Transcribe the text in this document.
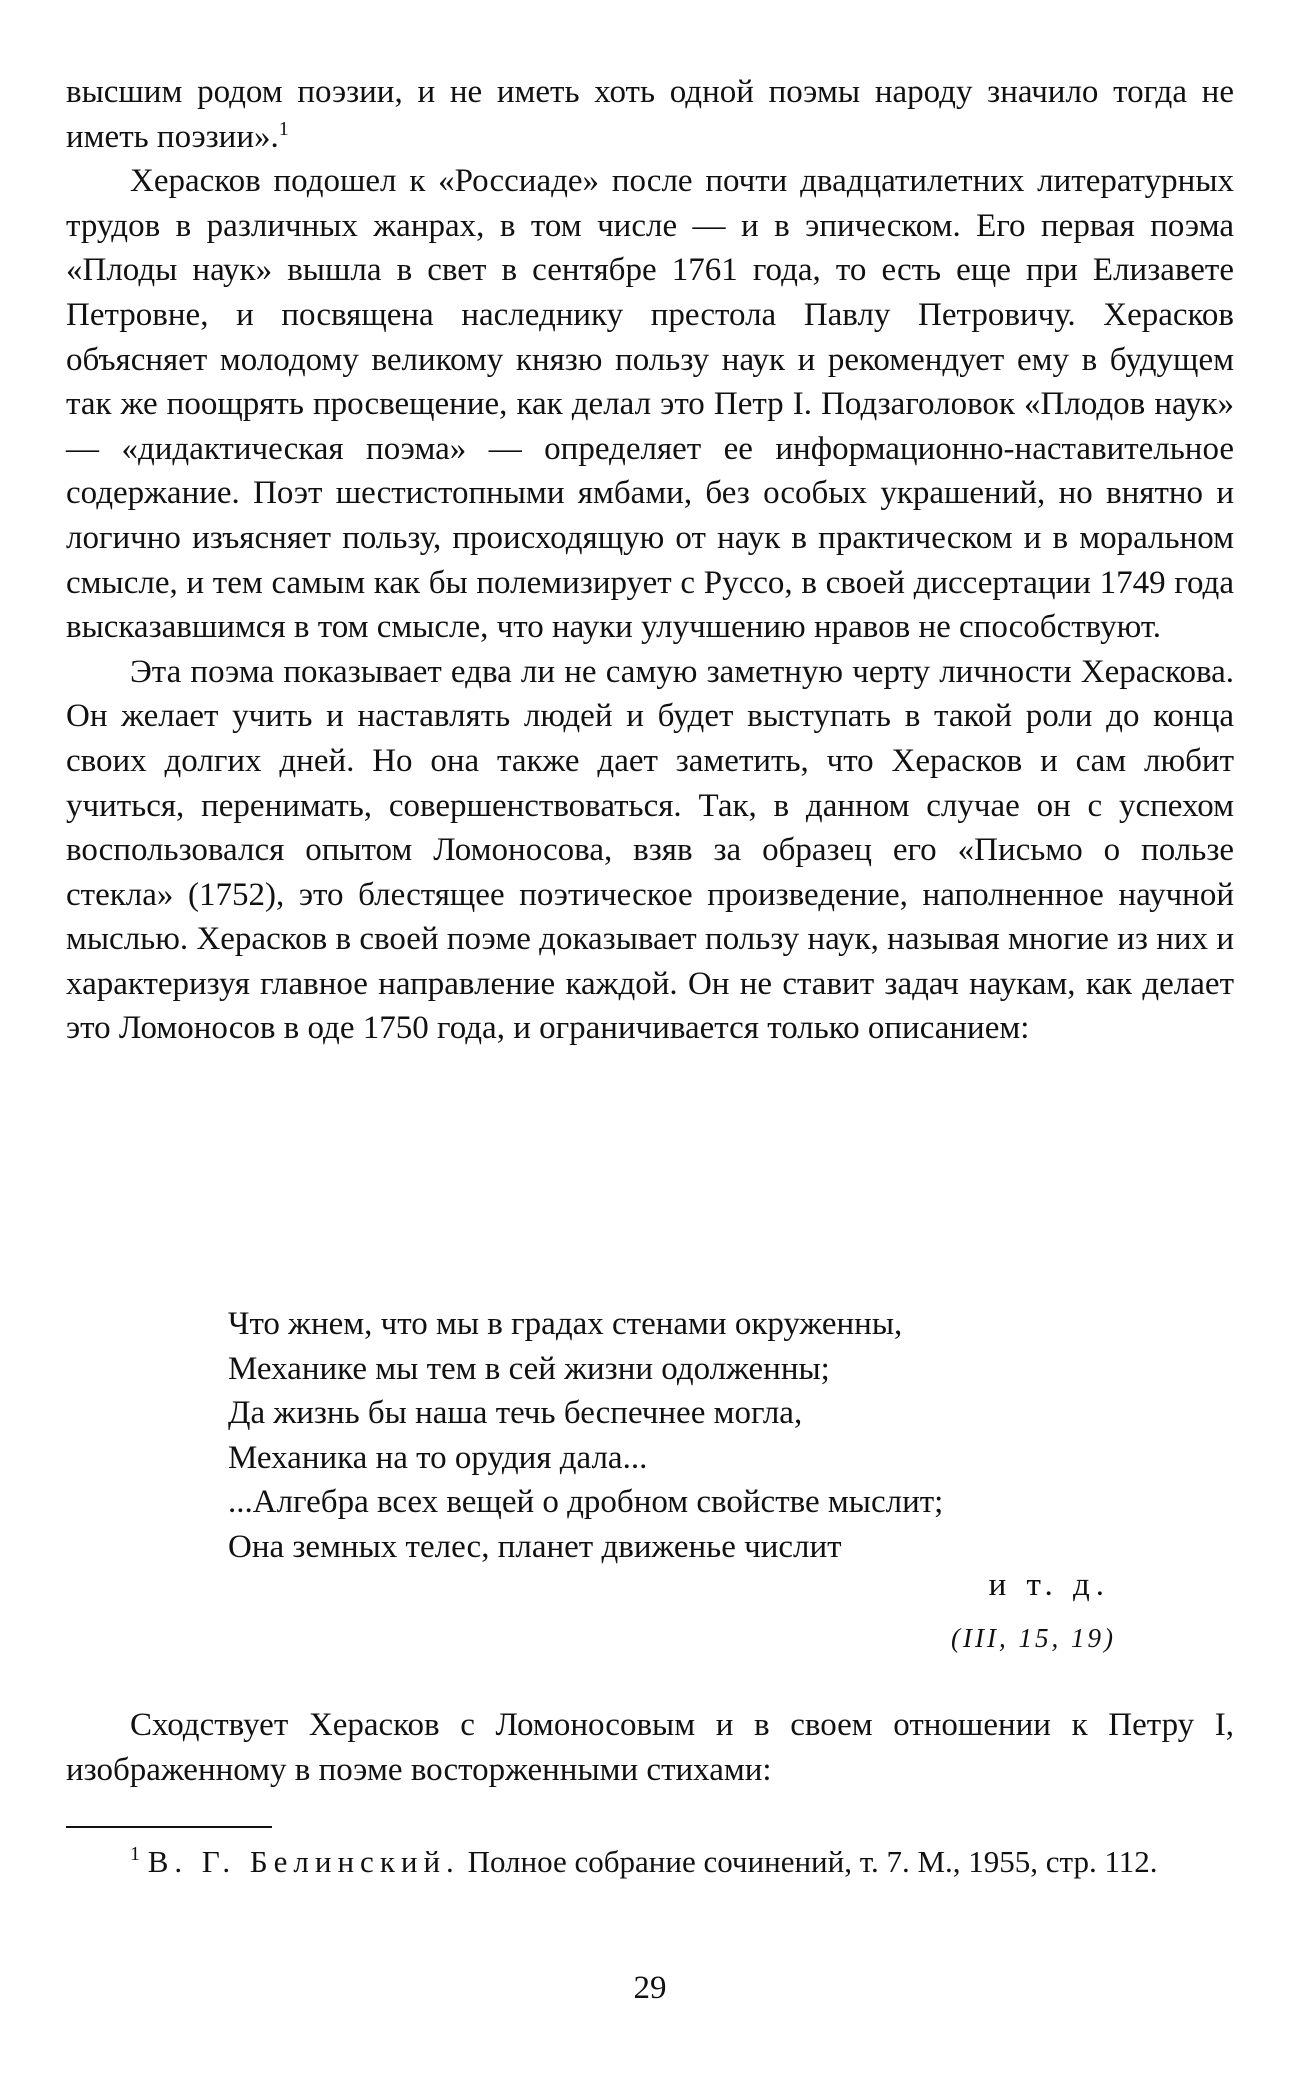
высшим родом поэзии, и не иметь хоть одной поэмы народу значило тогда не иметь поэзии».$^1$

Херасков подошел к «Россиаде» после почти двадцатилетних литературных трудов в различных жанрах, в том числе — и в эпическом. Его первая поэма «Плоды наук» вышла в свет в сентябре 1761 года, то есть еще при Елизавете Петровне, и посвящена наследнику престола Павлу Петровичу. Херасков объясняет молодому великому князю пользу наук и рекомендует ему в будущем так же поощрять просвещение, как делал это Петр I. Подзаголовок «Плодов наук» — «дидактическая поэма» — определяет ее информационно-наставительное содержание. Поэт шестистопными ямбами, без особых украшений, но внятно и логично изъясняет пользу, происходящую от наук в практическом и в моральном смысле, и тем самым как бы полемизирует с Руссо, в своей диссертации 1749 года высказавшимся в том смысле, что науки улучшению нравов не способствуют.

Эта поэма показывает едва ли не самую заметную черту личности Хераскова. Он желает учить и наставлять людей и будет выступать в такой роли до конца своих долгих дней. Но она также дает заметить, что Херасков и сам любит учиться, перенимать, совершенствоваться. Так, в данном случае он с успехом воспользовался опытом Ломоносова, взяв за образец его «Письмо о пользе стекла» (1752), это блестящее поэтическое произведение, наполненное научной мыслью. Херасков в своей поэме доказывает пользу наук, называя многие из них и характеризуя главное направление каждой. Он не ставит задач наукам, как делает это Ломоносов в оде 1750 года, и ограничивается только описанием:

Что жнем, что мы в градах стенами окруженны,
Механике мы тем в сей жизни одолженны;
Да жизнь бы наша течь беспечнее могла,
Механика на то орудия дала...
...Алгебра всех вещей о дробном свойстве мыслит;
Она земных телес, планет движенье числит
и т. д.
(III, 15, 19)

Сходствует Херасков с Ломоносовым и в своем отношении к Петру I, изображенному в поэме восторженными стихами:

$^1$ В. Г. Белинский. Полное собрание сочинений, т. 7. М., 1955, стр. 112.

29
